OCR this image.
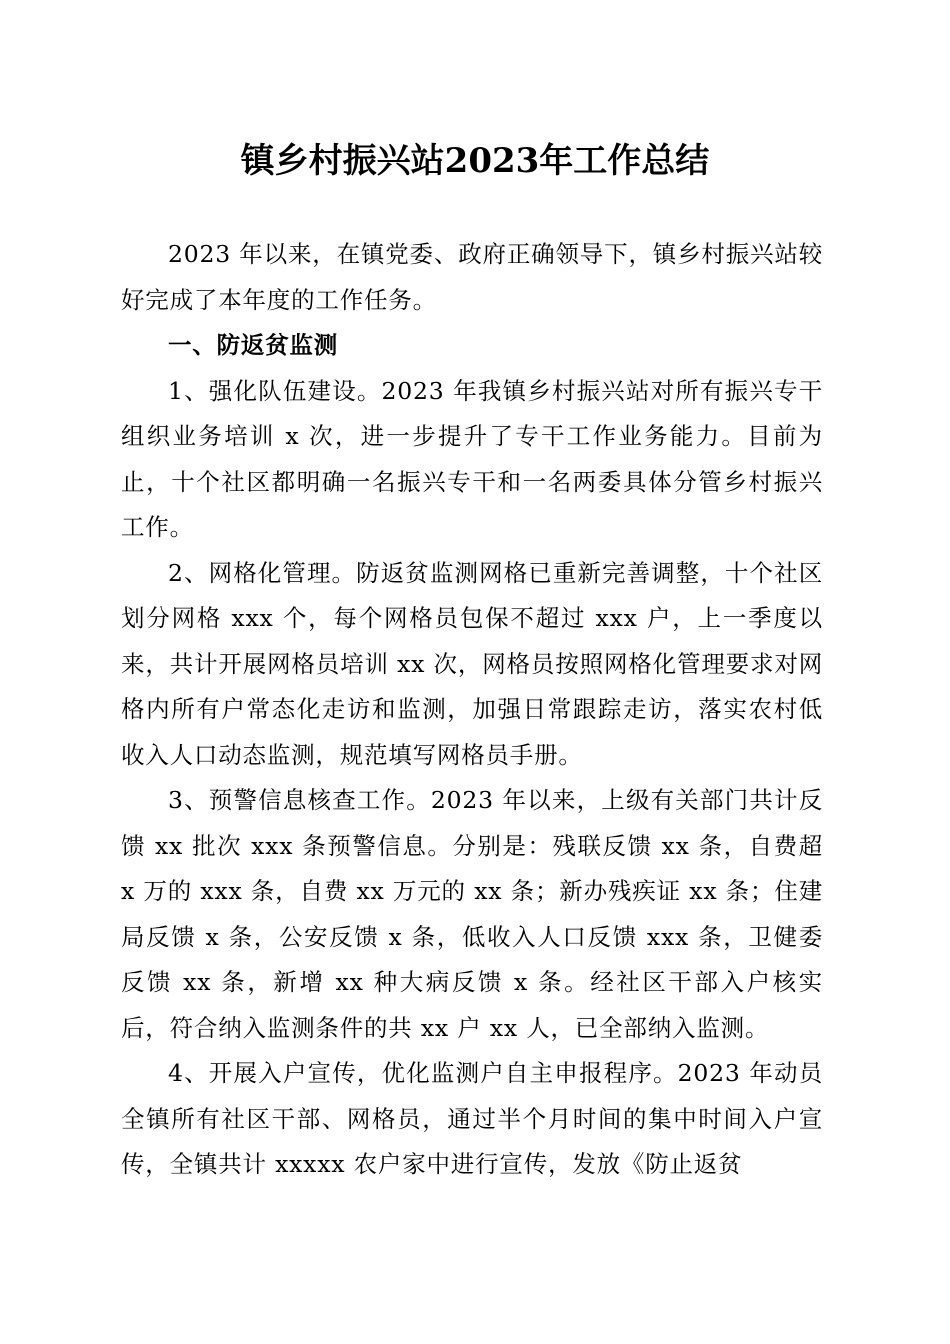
镇乡村振兴站2023年工作总结

2023 年以来，在镇党委、政府正确领导下，镇乡村振兴站较好完成了本年度的工作任务。

一、防返贫监测

1、强化队伍建设。2023 年我镇乡村振兴站对所有振兴专干组织业务培训 x 次，进一步提升了专干工作业务能力。目前为止，十个社区都明确一名振兴专干和一名两委具体分管乡村振兴工作。

2、网格化管理。防返贫监测网格已重新完善调整，十个社区划分网格 xxx 个，每个网格员包保不超过 xxx 户，上一季度以来，共计开展网格员培训 xx 次，网格员按照网格化管理要求对网格内所有户常态化走访和监测，加强日常跟踪走访，落实农村低收入人口动态监测，规范填写网格员手册。

3、预警信息核查工作。2023 年以来，上级有关部门共计反馈 xx 批次 xxx 条预警信息。分别是：残联反馈 xx 条，自费超 x 万的 xxx 条，自费 xx 万元的 xx 条；新办残疾证 xx 条；住建局反馈 x 条，公安反馈 x 条，低收入人口反馈 xxx 条，卫健委反馈 xx 条，新增 xx 种大病反馈 x 条。经社区干部入户核实后，符合纳入监测条件的共 xx 户 xx 人，已全部纳入监测。

4、开展入户宣传，优化监测户自主申报程序。2023 年动员全镇所有社区干部、网格员，通过半个月时间的集中时间入户宣传，全镇共计 xxxxx 农户家中进行宣传，发放《防止返贫
